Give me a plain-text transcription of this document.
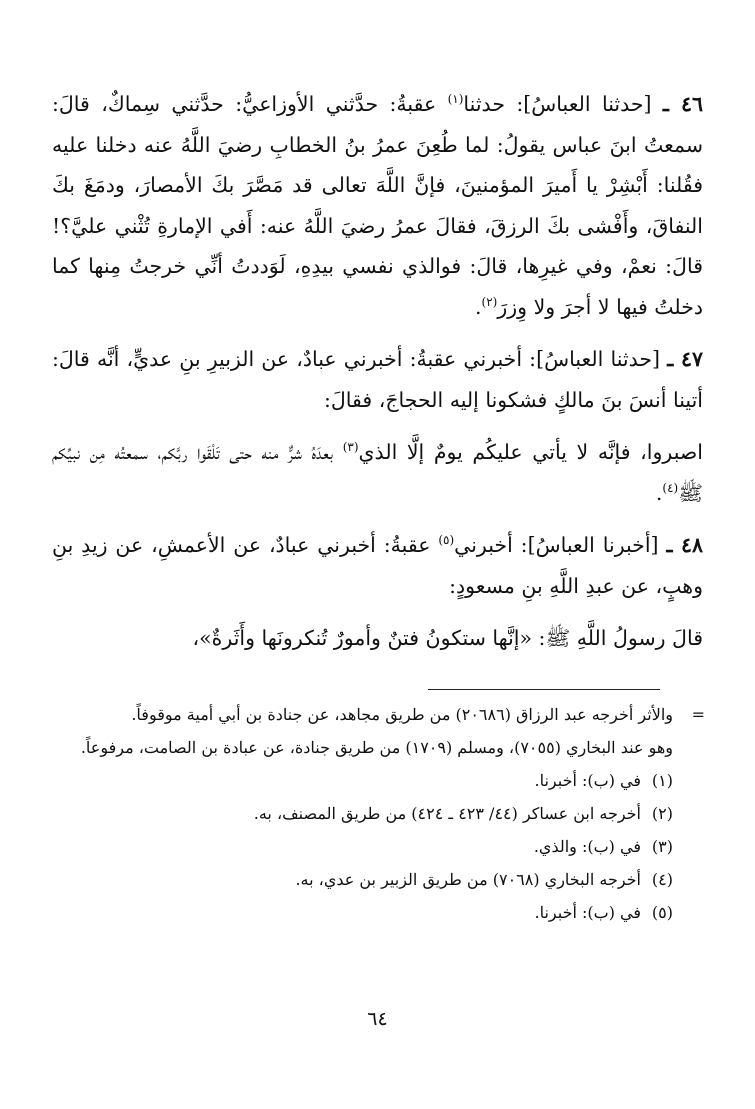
٤٦ ـ [حدثنا العباسُ]: حدثنا$^{(١)}$ عقبةُ: حدَّثني الأوزاعيُّ: حدَّثني سِماكٌ، قالَ: سمعتُ ابنَ عباس يقولُ: لما طُعِنَ عمرُ بنُ الخطابِ رضيَ اللَّهُ عنه دخلنا عليه فقُلنا: أَبْشِرْ يا أَميرَ المؤمنينَ، فإنَّ اللَّهَ تعالى قد مَصَّرَ بكَ الأمصارَ، ودمَغَ بكَ النفاقَ، وأَفْشى بكَ الرزقَ، فقالَ عمرُ رضيَ اللَّهُ عنه: أَفي الإمارةِ تُثْني عليَّ؟! قالَ: نعمْ، وفي غيرِها، قالَ: فوالذي نفسي بيدِهِ، لَوَددتُ أنِّي خرجتُ مِنها كما دخلتُ فيها لا أجرَ ولا وِزرَ$^{(٢)}$.

٤٧ ـ [حدثنا العباسُ]: أخبرني عقبةُ: أخبرني عبادٌ، عن الزبيرِ بنِ عديٍّ، أنَّه قالَ: أتينا أنسَ بنَ مالكٍ فشكونا إليه الحجاجَ، فقالَ:

اصبروا، فإنَّه لا يأتي عليكُم يومٌ إلَّا الذي$^{(٣)}$ بعدَهُ شرٌّ منه حتى تَلْقَوا ربَّكم، سمعتُه مِن نبيِّكم ﷺ$^{(٤)}$.

٤٨ ـ [أخبرنا العباسُ]: أخبرني$^{(٥)}$ عقبةُ: أخبرني عبادٌ، عن الأعمشِ، عن زيدِ بنِ وهبٍ، عن عبدِ اللَّهِ بنِ مسعودٍ:

قالَ رسولُ اللَّهِ ﷺ: «إنَّها ستكونُ فتنٌ وأمورٌ تُنكرونَها وأَثَرةٌ»،

=

والأثر أخرجه عبد الرزاق (٢٠٦٨٦) من طريق مجاهد، عن جنادة بن أبي أمية موقوفاً.

وهو عند البخاري (٧٠٥٥)، ومسلم (١٧٠٩) من طريق جنادة، عن عبادة بن الصامت، مرفوعاً.

(١)
في (ب): أخبرنا.
(٢)
أخرجه ابن عساكر (٤٤/ ٤٢٣ ـ ٤٢٤) من طريق المصنف، به.
(٣)
في (ب): والذي.
(٤)
أخرجه البخاري (٧٠٦٨) من طريق الزبير بن عدي، به.
(٥)
في (ب): أخبرنا.
٦٤
